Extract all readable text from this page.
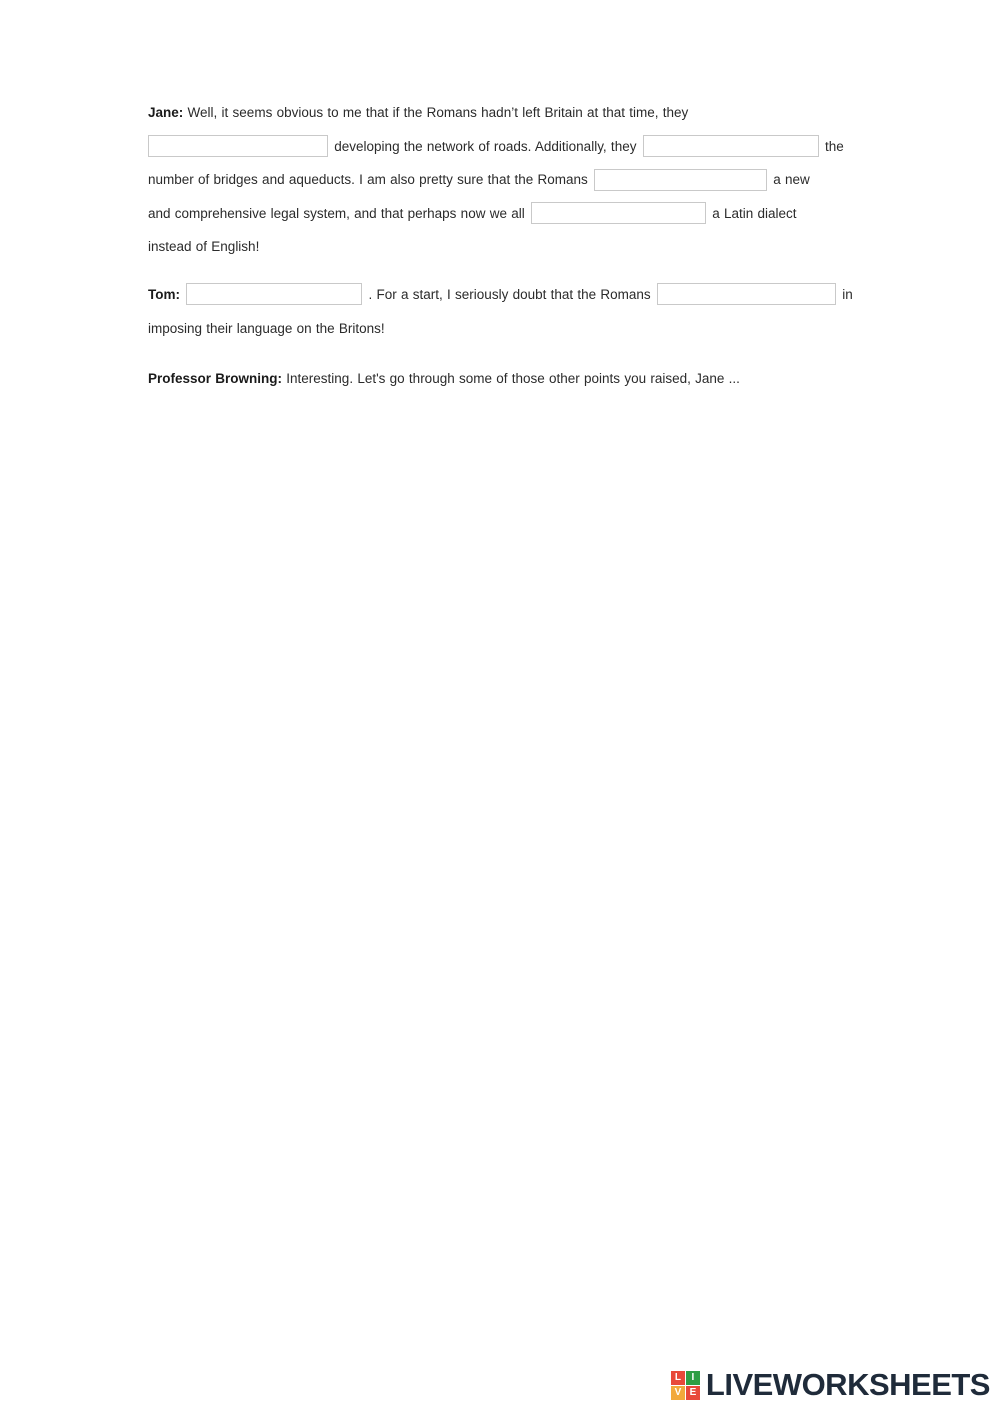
Jane: Well, it seems obvious to me that if the Romans hadn’t left Britain at that time, they
developing the network of roads. Additionally, they	the
number of bridges and aqueducts. I am also pretty sure that the Romans	a new
and comprehensive legal system, and that perhaps now we all	a Latin dialect
instead of English!

Tom:	. For a start, I seriously doubt that the Romans	in
imposing their language on the Britons!

Professor Browning: Interesting. Let's go through some of those other points you raised, Jane ...

L	I
V E LIVEWORKSHEETS
